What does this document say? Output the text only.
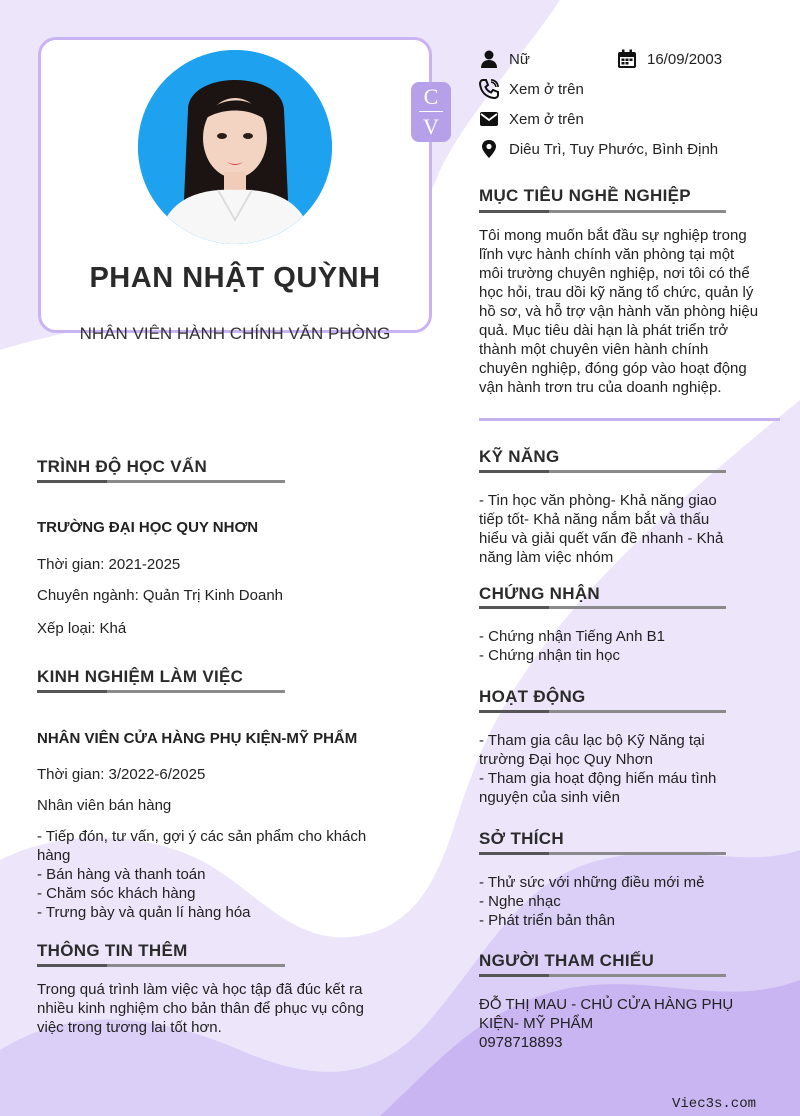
PHAN NHẬT QUỲNH
NHÂN VIÊN HÀNH CHÍNH VĂN PHÒNG
C
V
Nữ	16/09/2003
Xem ở trên
Xem ở trên
Diêu Trì, Tuy Phước, Bình Định
MỤC TIÊU NGHỀ NGHIỆP
Tôi mong muốn bắt đầu sự nghiệp trong
lĩnh vực hành chính văn phòng tại một
môi trường chuyên nghiệp, nơi tôi có thể
học hỏi, trau dồi kỹ năng tổ chức, quản lý
hồ sơ, và hỗ trợ vận hành văn phòng hiệu
quả. Mục tiêu dài hạn là phát triển trở
thành một chuyên viên hành chính
chuyên nghiệp, đóng góp vào hoạt động
vận hành trơn tru của doanh nghiệp.
KỸ NĂNG
- Tin học văn phòng- Khả năng giao
tiếp tốt- Khả năng nắm bắt và thấu
hiểu và giải quết vấn đề nhanh - Khả
năng làm việc nhóm
CHỨNG NHẬN
- Chứng nhận Tiếng Anh B1
- Chứng nhận tin học
HOẠT ĐỘNG
- Tham gia câu lạc bộ Kỹ Năng tại
trường Đại học Quy Nhơn
- Tham gia hoạt động hiến máu tình
nguyện của sinh viên
SỞ THÍCH
- Thử sức với những điều mới mẻ
- Nghe nhạc
- Phát triển bản thân
NGƯỜI THAM CHIẾU
ĐỖ THỊ MAU - CHỦ CỬA HÀNG PHỤ
KIỆN- MỸ PHẨM
0978718893
TRÌNH ĐỘ HỌC VẤN
TRƯỜNG ĐẠI HỌC QUY NHƠN
Thời gian: 2021-2025
Chuyên ngành: Quản Trị Kinh Doanh
Xếp loại: Khá
KINH NGHIỆM LÀM VIỆC
NHÂN VIÊN CỬA HÀNG PHỤ KIỆN-MỸ PHẨM
Thời gian: 3/2022-6/2025
Nhân viên bán hàng
- Tiếp đón, tư vấn, gợi ý các sản phẩm cho khách
hàng
- Bán hàng và thanh toán
- Chăm sóc khách hàng
- Trưng bày và quản lí hàng hóa
THÔNG TIN THÊM
Trong quá trình làm việc và học tập đã đúc kết ra
nhiều kinh nghiệm cho bản thân để phục vụ công
việc trong tương lai tốt hơn.
Viec3s.com
